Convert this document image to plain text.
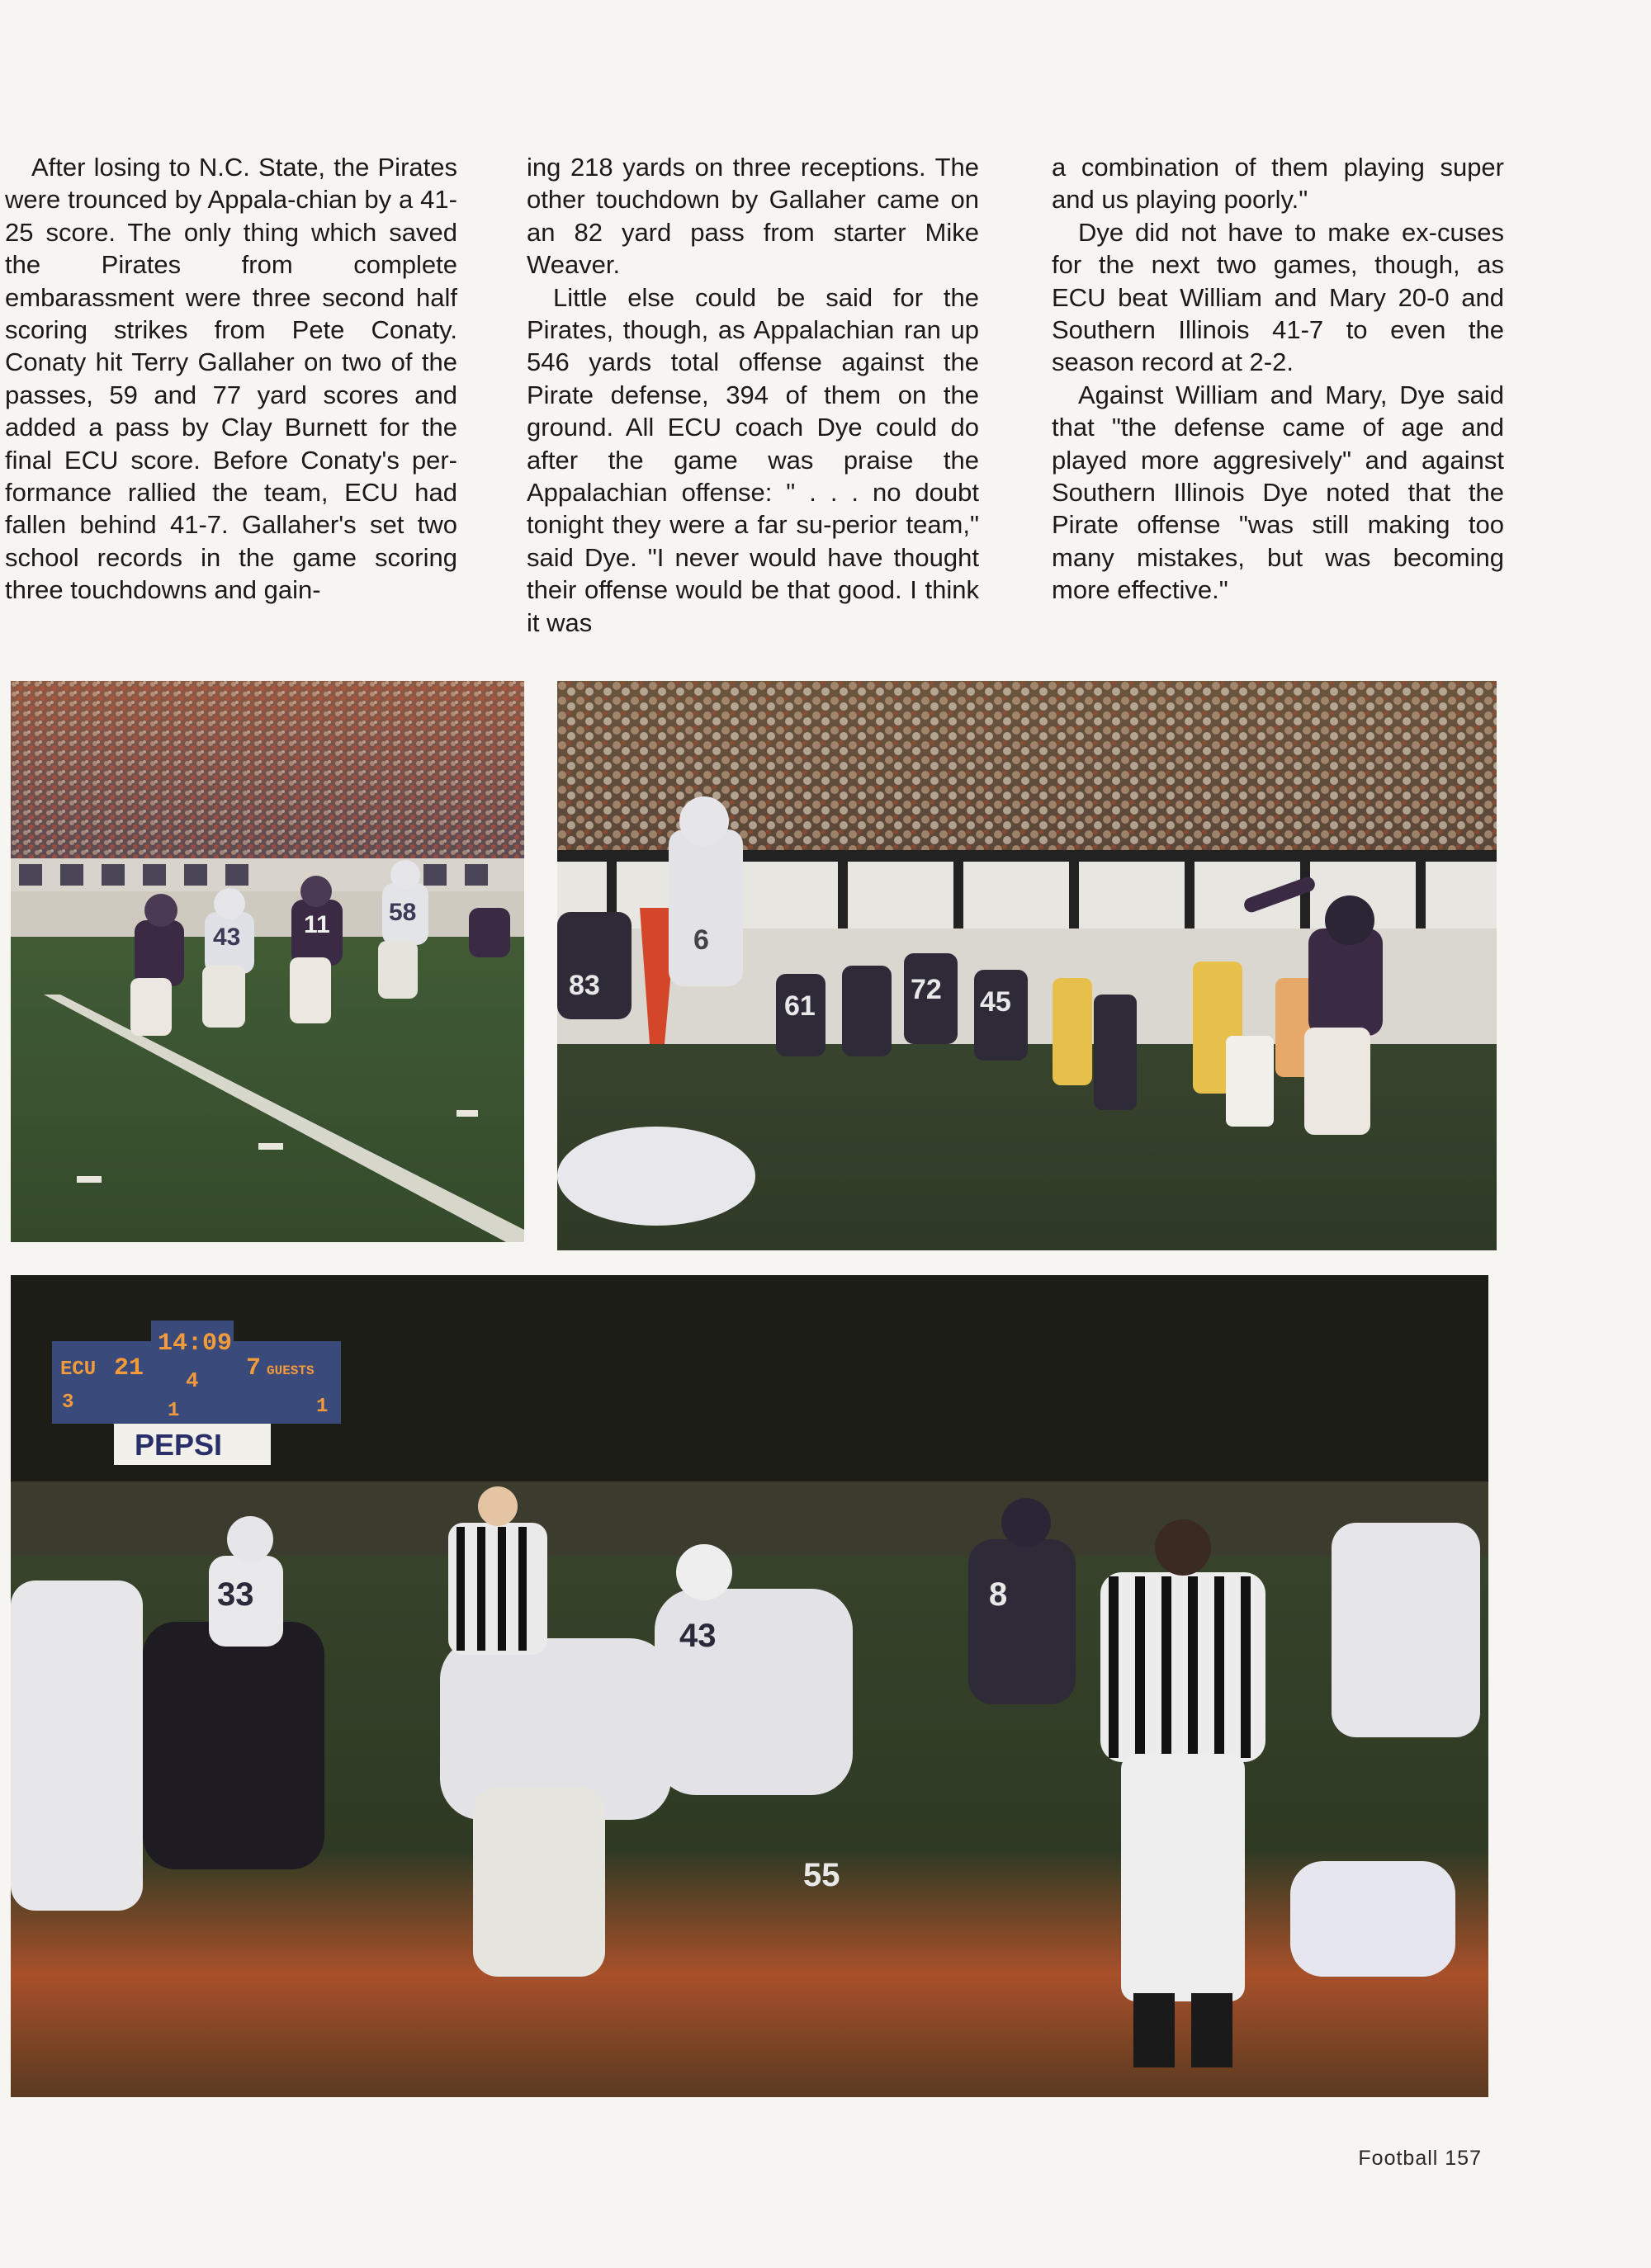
After losing to N.C. State, the Pirates were trounced by Appala-chian by a 41-25 score. The only thing which saved the Pirates from complete embarassment were three second half scoring strikes from Pete Conaty. Conaty hit Terry Gallaher on two of the passes, 59 and 77 yard scores and added a pass by Clay Burnett for the final ECU score. Before Conaty's per-formance rallied the team, ECU had fallen behind 41-7. Gallaher's set two school records in the game scoring three touchdowns and gain-

ing 218 yards on three receptions. The other touchdown by Gallaher came on an 82 yard pass from starter Mike Weaver.

Little else could be said for the Pirates, though, as Appalachian ran up 546 yards total offense against the Pirate defense, 394 of them on the ground. All ECU coach Dye could do after the game was praise the Appalachian offense: " . . . no doubt tonight they were a far su-perior team," said Dye. "I never would have thought their offense would be that good. I think it was

a combination of them playing super and us playing poorly."

Dye did not have to make ex-cuses for the next two games, though, as ECU beat William and Mary 20-0 and Southern Illinois 41-7 to even the season record at 2-2.

Against William and Mary, Dye said that "the defense came of age and played more aggresively" and against Southern Illinois Dye noted that the Pirate offense "was still making too many mistakes, but was becoming more effective."

43	11 58
83
61
72 45
6
ECU 21
14:09
4	GUESTS
7
3	1	1
PEPSI
43
33	8
55
Football 157
